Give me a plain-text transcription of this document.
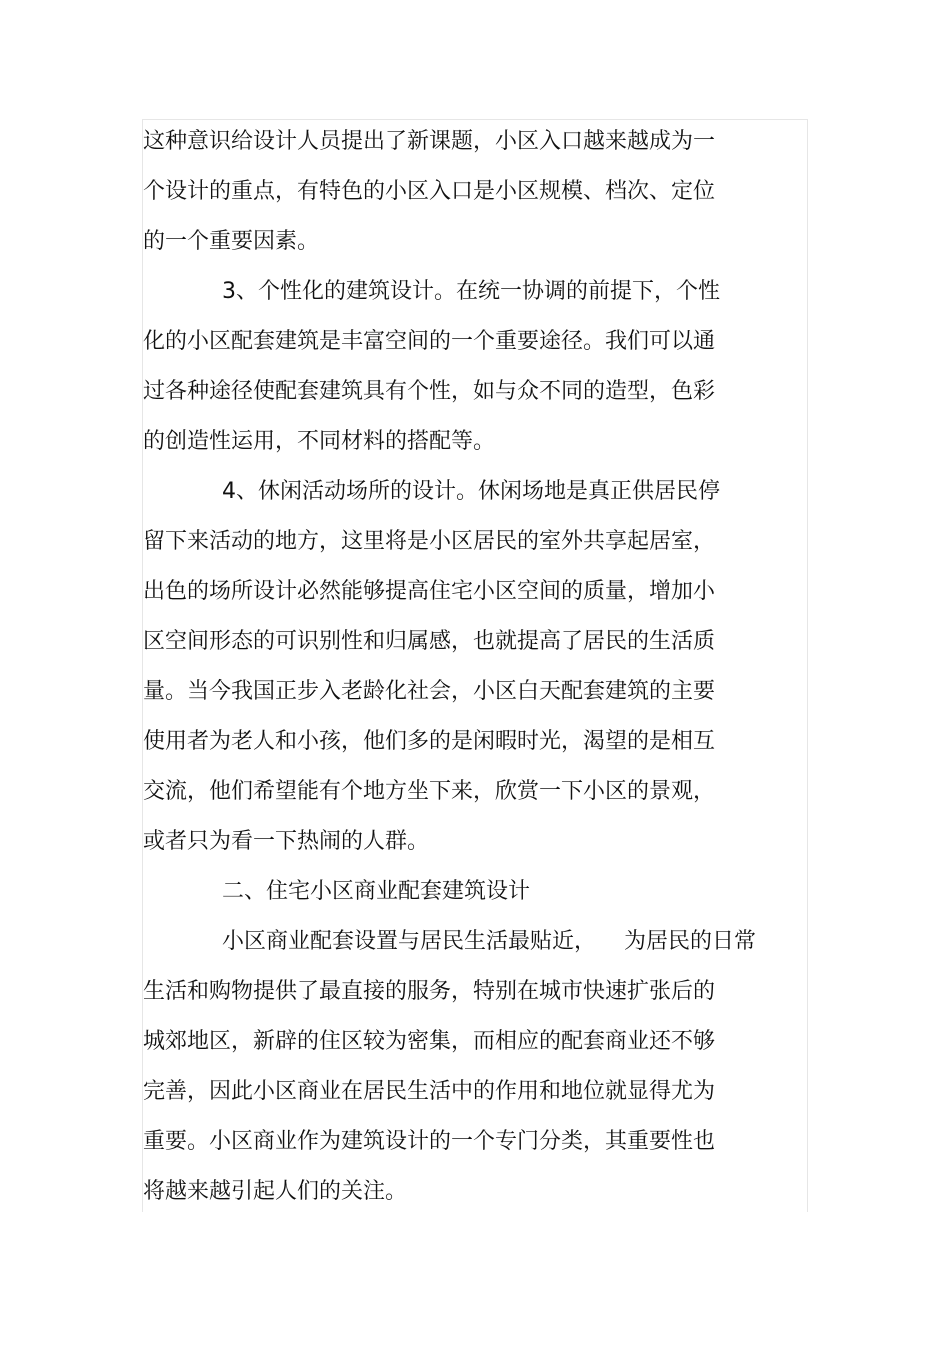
这种意识给设计人员提出了新课题，小区入口越来越成为一
个设计的重点，有特色的小区入口是小区规模、档次、定位
的一个重要因素。
3、个性化的建筑设计。在统一协调的前提下，个性
化的小区配套建筑是丰富空间的一个重要途径。我们可以通
过各种途径使配套建筑具有个性，如与众不同的造型，色彩
的创造性运用，不同材料的搭配等。
4、休闲活动场所的设计。休闲场地是真正供居民停
留下来活动的地方，这里将是小区居民的室外共享起居室，
出色的场所设计必然能够提高住宅小区空间的质量，增加小
区空间形态的可识别性和归属感，也就提高了居民的生活质
量。当今我国正步入老龄化社会，小区白天配套建筑的主要
使用者为老人和小孩，他们多的是闲暇时光，渴望的是相互
交流，他们希望能有个地方坐下来，欣赏一下小区的景观，
或者只为看一下热闹的人群。
二、住宅小区商业配套建筑设计
小区商业配套设置与居民生活最贴近，    为居民的日常
生活和购物提供了最直接的服务，特别在城市快速扩张后的
城郊地区，新辟的住区较为密集，而相应的配套商业还不够
完善，因此小区商业在居民生活中的作用和地位就显得尤为
重要。小区商业作为建筑设计的一个专门分类，其重要性也
将越来越引起人们的关注。
